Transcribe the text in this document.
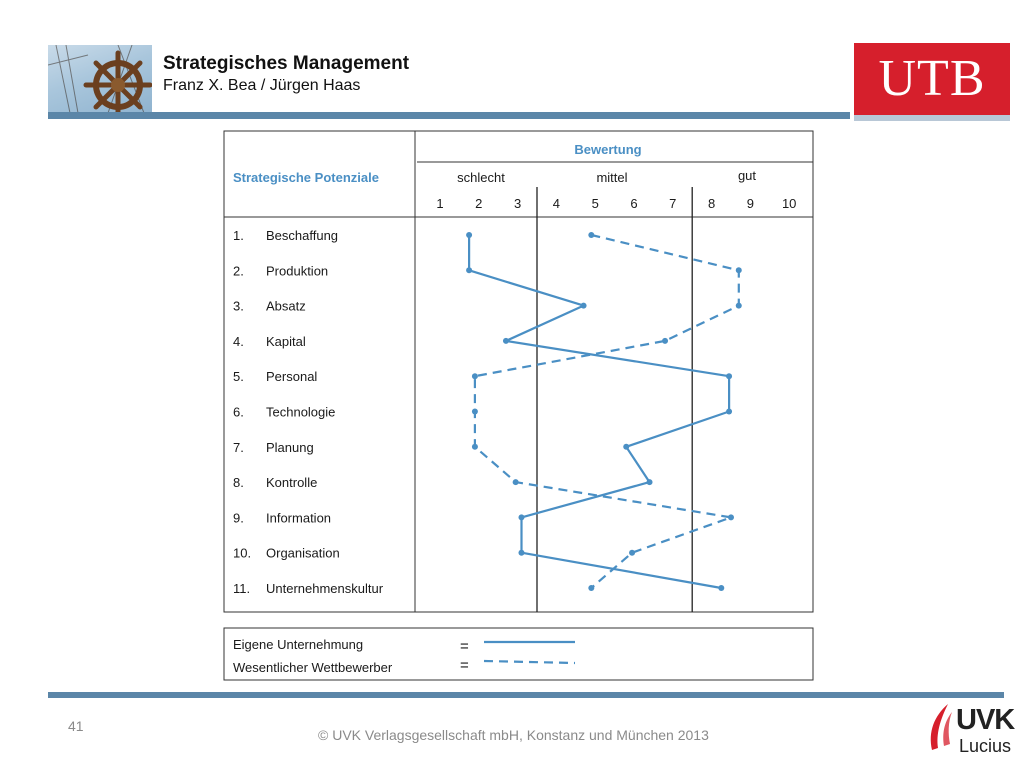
Strategisches Management
Franz X. Bea / Jürgen Haas	UTB
Strategische Potenziale
Bewertung
schlecht	mittel	gut
1 2 3 4 5 6 7 8 9 10
1. Beschaffung
2. Produktion
3. Absatz
4. Kapital
5. Personal
6. Technologie
7. Planung
8. Kontrolle
9. Information
10. Organisation
11. Unternehmenskultur
Eigene Unternehmung
Wesentlicher Wettbewerber
=
=
41
© UVK Verlagsgesellschaft mbH, Konstanz und München 2013	UVK
Lucius
